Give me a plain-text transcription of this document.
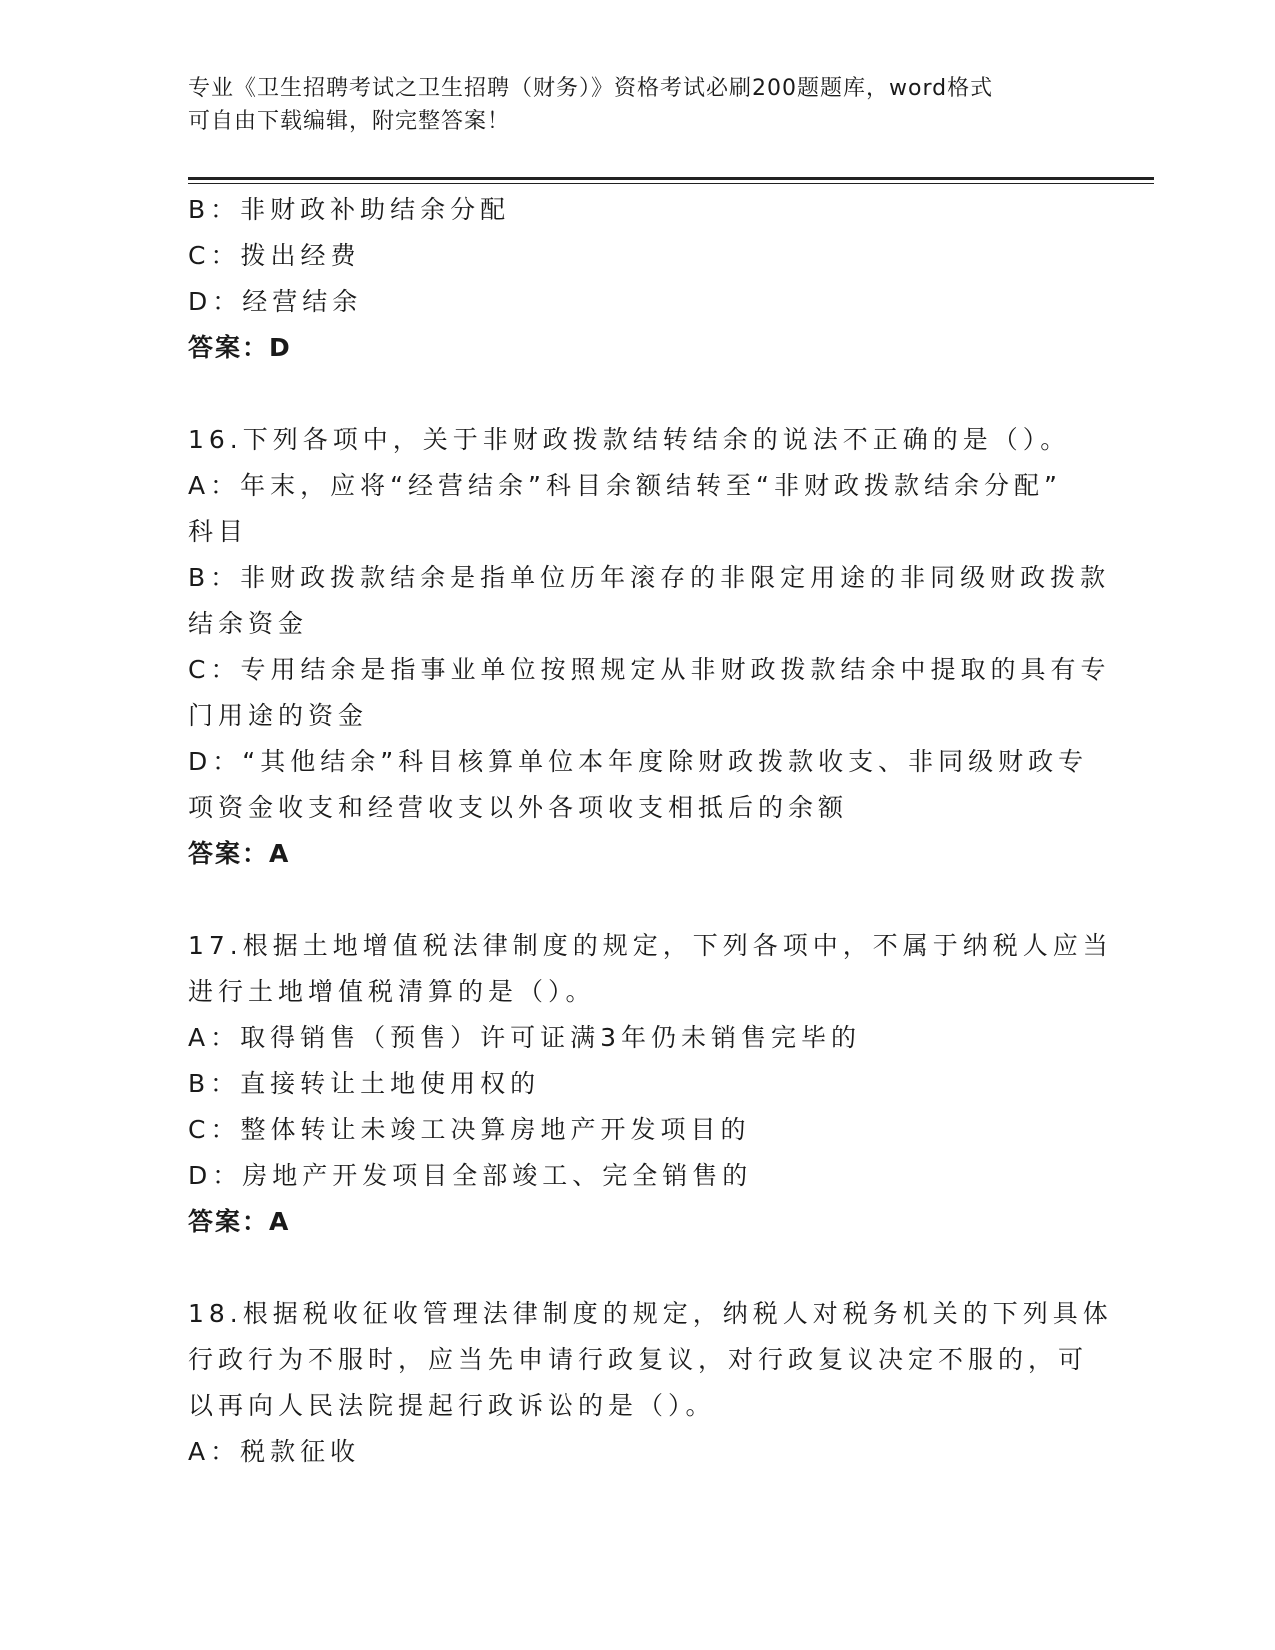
专业《卫生招聘考试之卫生招聘（财务）》资格考试必刷200题题库，word格式
可自由下载编辑，附完整答案！
B：非财政补助结余分配
C：拨出经费
D：经营结余
答案：D
16.下列各项中，关于非财政拨款结转结余的说法不正确的是（）。
A：年末，应将“经营结余”科目余额结转至“非财政拨款结余分配”
科目
B：非财政拨款结余是指单位历年滚存的非限定用途的非同级财政拨款
结余资金
C：专用结余是指事业单位按照规定从非财政拨款结余中提取的具有专
门用途的资金
D：“其他结余”科目核算单位本年度除财政拨款收支、非同级财政专
项资金收支和经营收支以外各项收支相抵后的余额
答案：A
17.根据土地增值税法律制度的规定，下列各项中，不属于纳税人应当
进行土地增值税清算的是（）。
A：取得销售（预售）许可证满3年仍未销售完毕的
B：直接转让土地使用权的
C：整体转让未竣工决算房地产开发项目的
D：房地产开发项目全部竣工、完全销售的
答案：A
18.根据税收征收管理法律制度的规定，纳税人对税务机关的下列具体
行政行为不服时，应当先申请行政复议，对行政复议决定不服的，可
以再向人民法院提起行政诉讼的是（）。
A：税款征收
